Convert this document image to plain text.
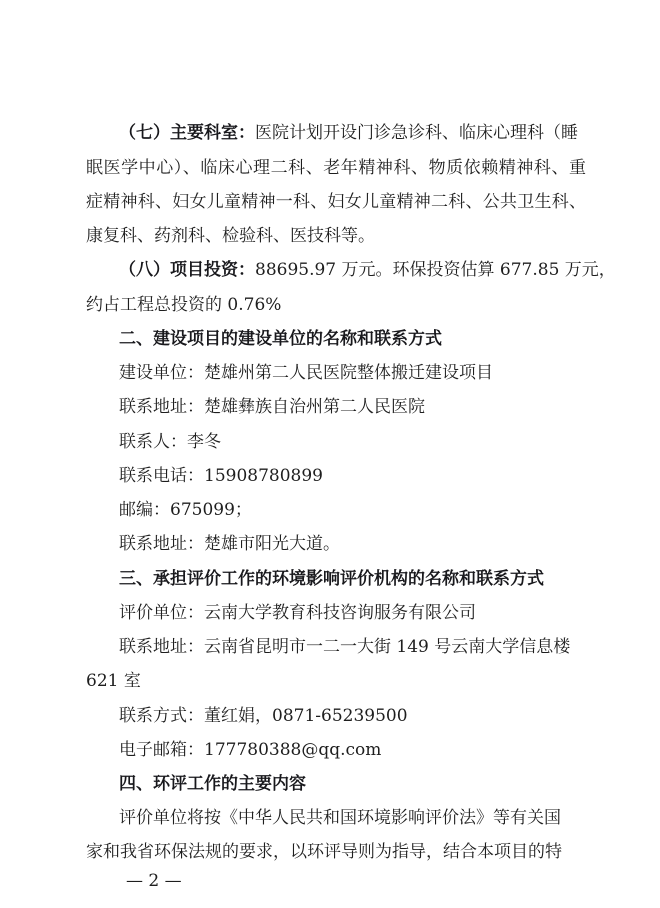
（七）主要科室：医院计划开设门诊急诊科、临床心理科（睡
眠医学中心）、临床心理二科、老年精神科、物质依赖精神科、重
症精神科、妇女儿童精神一科、妇女儿童精神二科、公共卫生科、
康复科、药剂科、检验科、医技科等。
（八）项目投资：88695.97 万元。环保投资估算 677.85 万元，
约占工程总投资的 0.76%
二、建设项目的建设单位的名称和联系方式
建设单位：楚雄州第二人民医院整体搬迁建设项目
联系地址：楚雄彝族自治州第二人民医院
联系人：李冬
联系电话：15908780899
邮编：675099；
联系地址：楚雄市阳光大道。
三、承担评价工作的环境影响评价机构的名称和联系方式
评价单位：云南大学教育科技咨询服务有限公司
联系地址：云南省昆明市一二一大街 149 号云南大学信息楼
621 室
联系方式：董红娟，0871-65239500
电子邮箱：177780388@qq.com
四、环评工作的主要内容
评价单位将按《中华人民共和国环境影响评价法》等有关国
家和我省环保法规的要求，以环评导则为指导，结合本项目的特
— 2 —
